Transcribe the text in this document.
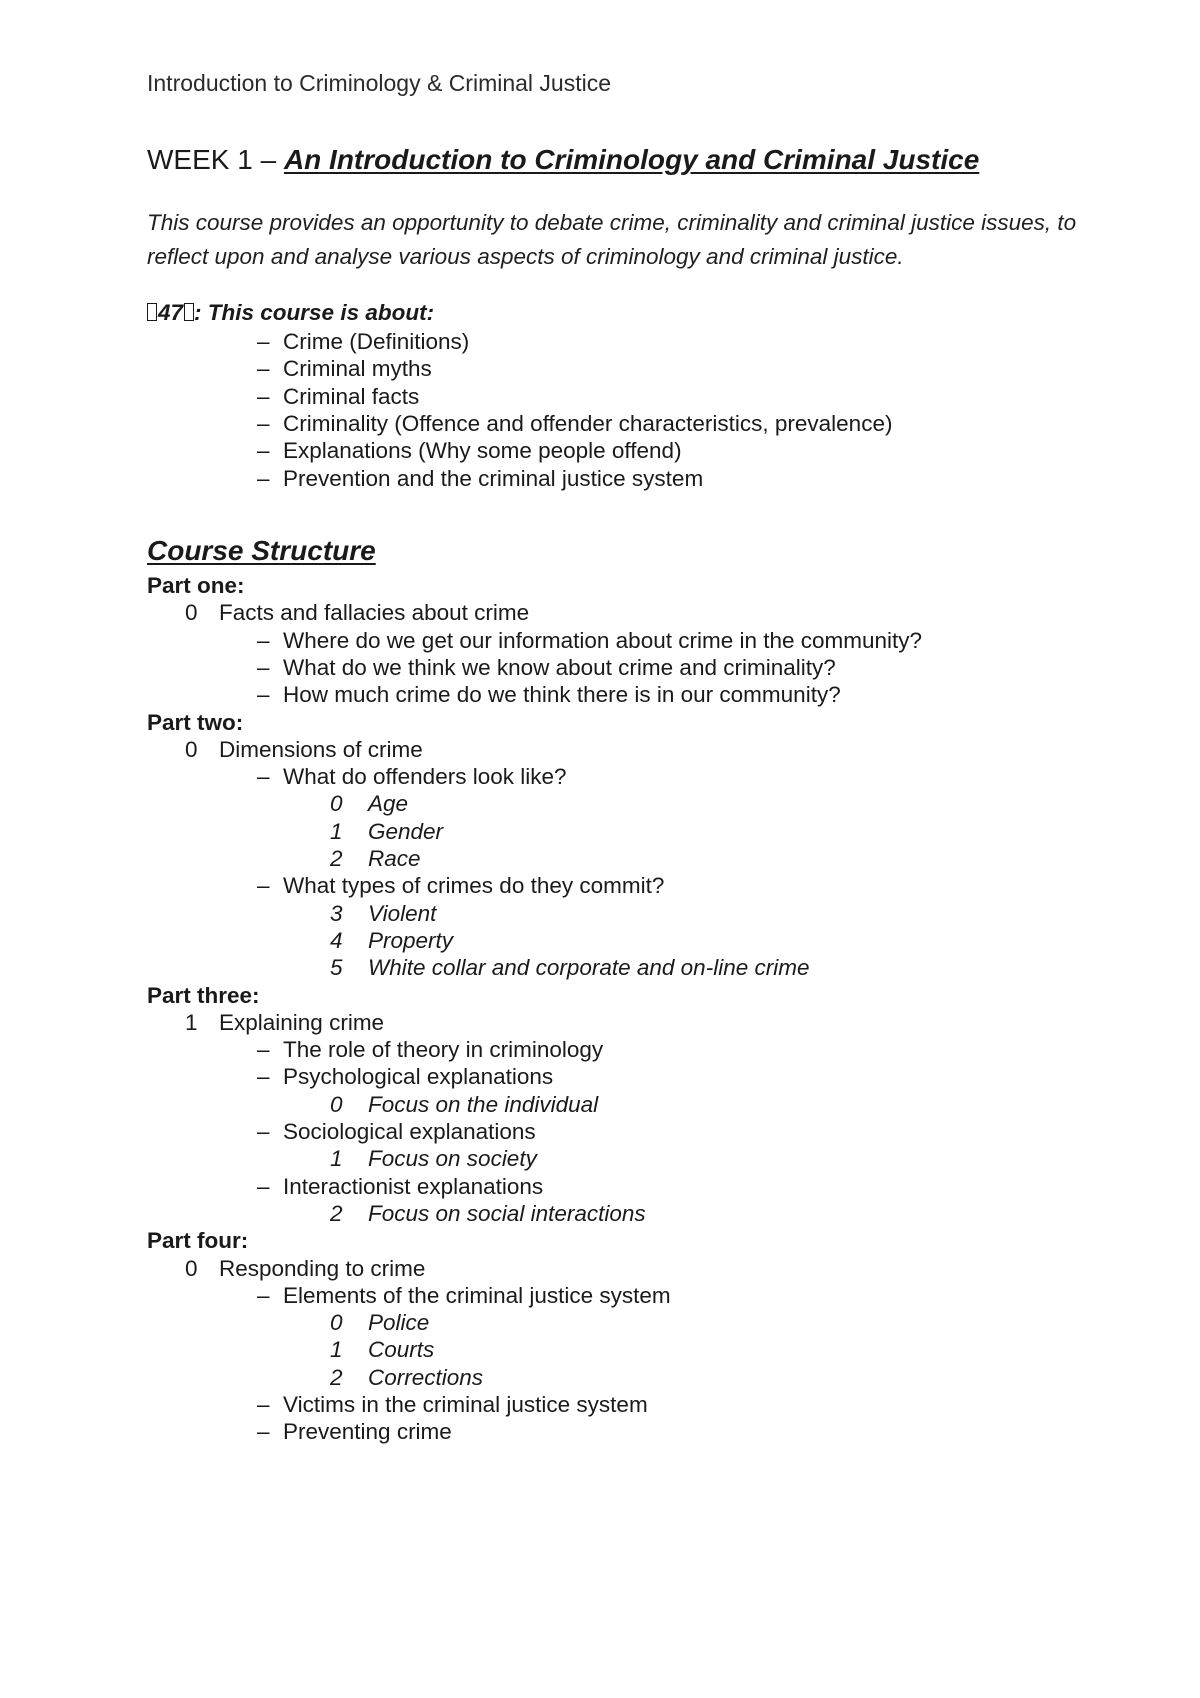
Introduction to Criminology & Criminal Justice
WEEK 1 – An Introduction to Criminology and Criminal Justice
This course provides an opportunity to debate crime, criminality and criminal justice issues, to reflect upon and analyse various aspects of criminology and criminal justice.
47 : This course is about:
– Crime (Definitions)
– Criminal myths
– Criminal facts
– Criminality (Offence and offender characteristics, prevalence)
– Explanations (Why some people offend)
– Prevention and the criminal justice system
Course Structure
Part one:
0 Facts and fallacies about crime
– Where do we get our information about crime in the community?
– What do we think we know about crime and criminality?
– How much crime do we think there is in our community?
Part two:
0 Dimensions of crime
– What do offenders look like?
0 Age
1 Gender
2 Race
– What types of crimes do they commit?
3 Violent
4 Property
5 White collar and corporate and on-line crime
Part three:
1 Explaining crime
– The role of theory in criminology
– Psychological explanations
0 Focus on the individual
– Sociological explanations
1 Focus on society
– Interactionist explanations
2 Focus on social interactions
Part four:
0 Responding to crime
– Elements of the criminal justice system
0 Police
1 Courts
2 Corrections
– Victims in the criminal justice system
– Preventing crime
